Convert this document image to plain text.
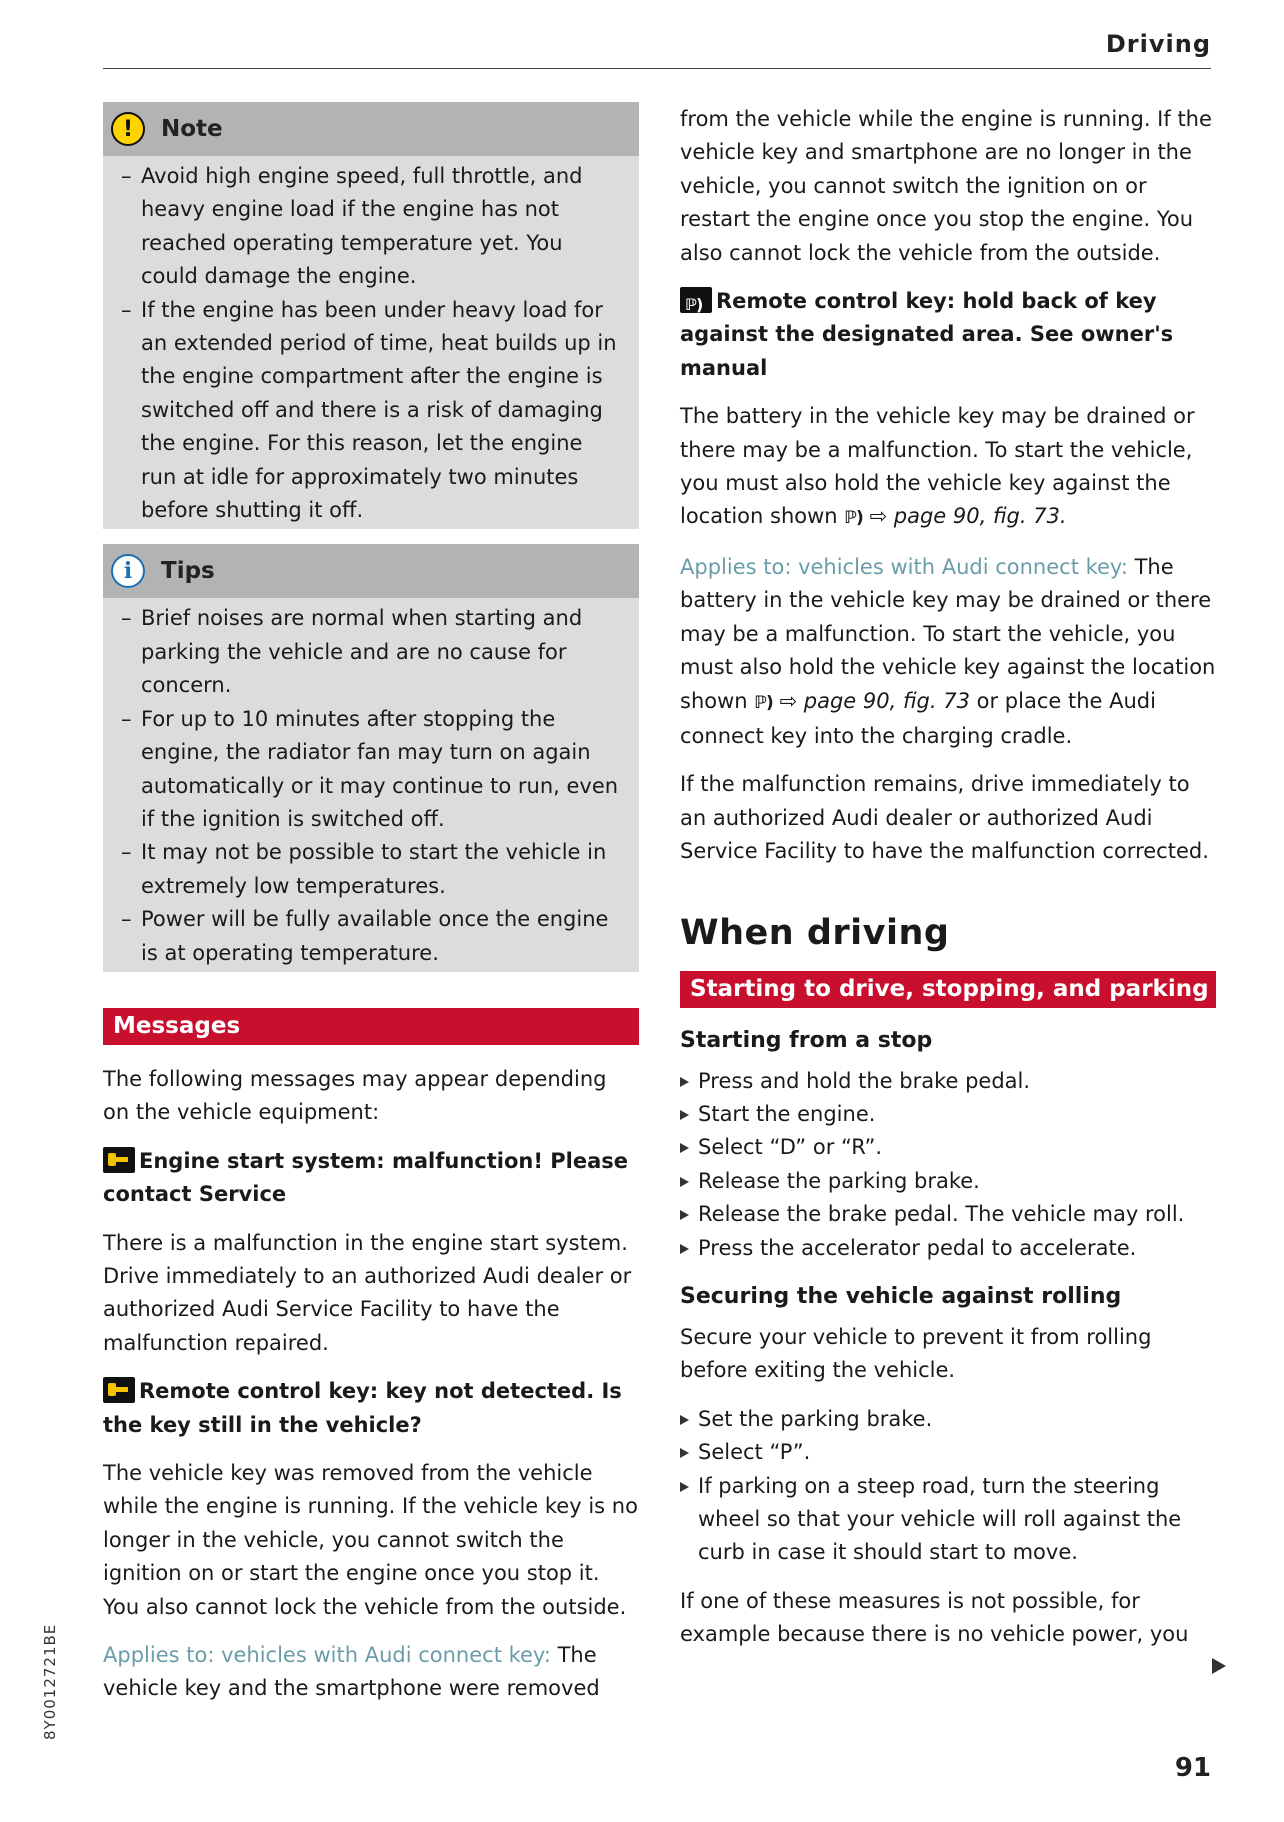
Driving
!	Note
– Avoid high engine speed, full throttle, and heavy engine load if the engine has not reached operating temperature yet. You could damage the engine.
– If the engine has been under heavy load for an extended period of time, heat builds up in the engine compartment after the engine is switched off and there is a risk of damaging the engine. For this reason, let the engine run at idle for approximately two minutes before shutting it off.
i	Tips
– Brief noises are normal when starting and parking the vehicle and are no cause for concern.
– For up to 10 minutes after stopping the engine, the radiator fan may turn on again automatically or it may continue to run, even if the ignition is switched off.
– It may not be possible to start the vehicle in extremely low temperatures.
– Power will be fully available once the engine is at operating temperature.
Messages

The following messages may appear depending on the vehicle equipment:

Engine start system: malfunction! Please contact Service

There is a malfunction in the engine start system. Drive immediately to an authorized Audi dealer or authorized Audi Service Facility to have the malfunction repaired.

Remote control key: key not detected. Is the key still in the vehicle?

The vehicle key was removed from the vehicle while the engine is running. If the vehicle key is no longer in the vehicle, you cannot switch the ignition on or start the engine once you stop it. You also cannot lock the vehicle from the outside.

Applies to: vehicles with Audi connect key: The vehicle key and the smartphone were removed

from the vehicle while the engine is running. If the vehicle key and smartphone are no longer in the vehicle, you cannot switch the ignition on or restart the engine once you stop the engine. You also cannot lock the vehicle from the outside.

ℙ) Remote control key: hold back of key against the designated area. See owner's manual

The battery in the vehicle key may be drained or there may be a malfunction. To start the vehicle, you must also hold the vehicle key against the location shown ℙ) ⇨ page 90, fig. 73.

Applies to: vehicles with Audi connect key: The battery in the vehicle key may be drained or there may be a malfunction. To start the vehicle, you must also hold the vehicle key against the location shown ℙ) ⇨ page 90, fig. 73 or place the Audi connect key into the charging cradle.

If the malfunction remains, drive immediately to an authorized Audi dealer or authorized Audi Service Facility to have the malfunction corrected.

When driving
Starting to drive, stopping, and parking
Starting from a stop
Press and hold the brake pedal.
Start the engine.
Select “D” or “R”.
Release the parking brake.
Release the brake pedal. The vehicle may roll.
Press the accelerator pedal to accelerate.
Securing the vehicle against rolling

Secure your vehicle to prevent it from rolling before exiting the vehicle.

Set the parking brake.
Select “P”.
If parking on a steep road, turn the steering wheel so that your vehicle will roll against the curb in case it should start to move.

If one of these measures is not possible, for example because there is no vehicle power, you

91
8Y0012721BE
